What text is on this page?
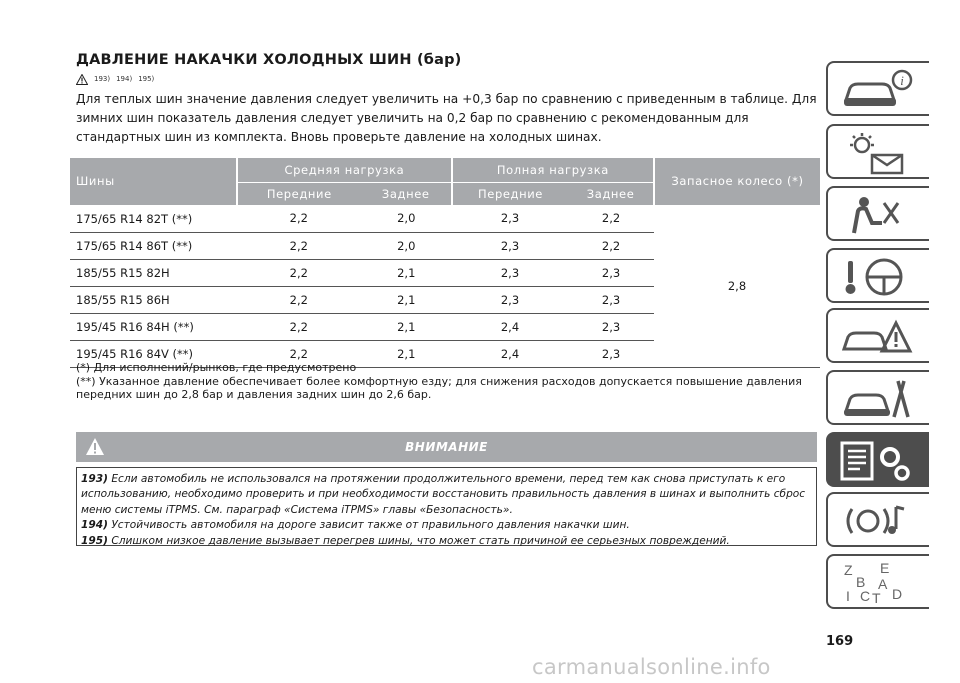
ДАВЛЕНИЕ НАКАЧКИ ХОЛОДНЫХ ШИН (бар)
193) 194) 195)
Для теплых шин значение давления следует увеличить на +0,3 бар по сравнению с приведенным в таблице. Для зимних шин показатель давления следует увеличить на 0,2 бар по сравнению с рекомендованным для стандартных шин из комплекта. Вновь проверьте давление на холодных шинах.
Шины	Средняя нагрузка		Полная нагрузка		Запасное колесо (*)
	Передние	Заднее	Передние	Заднее	
175/65 R14 82T (**)	2,2	2,0	2,3	2,2	2,8
175/65 R14 86T (**)	2,2	2,0	2,3	2,2	
185/55 R15 82H	2,2	2,1	2,3	2,3	
185/55 R15 86H	2,2	2,1	2,3	2,3	
195/45 R16 84H (**)	2,2	2,1	2,4	2,3	
195/45 R16 84V (**)	2,2	2,1	2,4	2,3	
(*) Для исполнений/рынков, где предусмотрено
(**) Указанное давление обеспечивает более комфортную езду; для снижения расходов допускается повышение давления передних шин до 2,8 бар и давления задних шин до 2,6 бар.
ВНИМАНИЕ
193) Если автомобиль не использовался на протяжении продолжительного времени, перед тем как снова приступать к его использованию, необходимо проверить и при необходимости восстановить правильность давления в шинах и выполнить сброс меню системы iTPMS. См. параграф «Система iTPMS» главы «Безопасность».
194) Устойчивость автомобиля на дороге зависит также от правильного давления накачки шин.
195) Слишком низкое давление вызывает перегрев шины, что может стать причиной ее серьезных повреждений.
i
Z E
B A
I C T D
169
carmanualsonline.info
